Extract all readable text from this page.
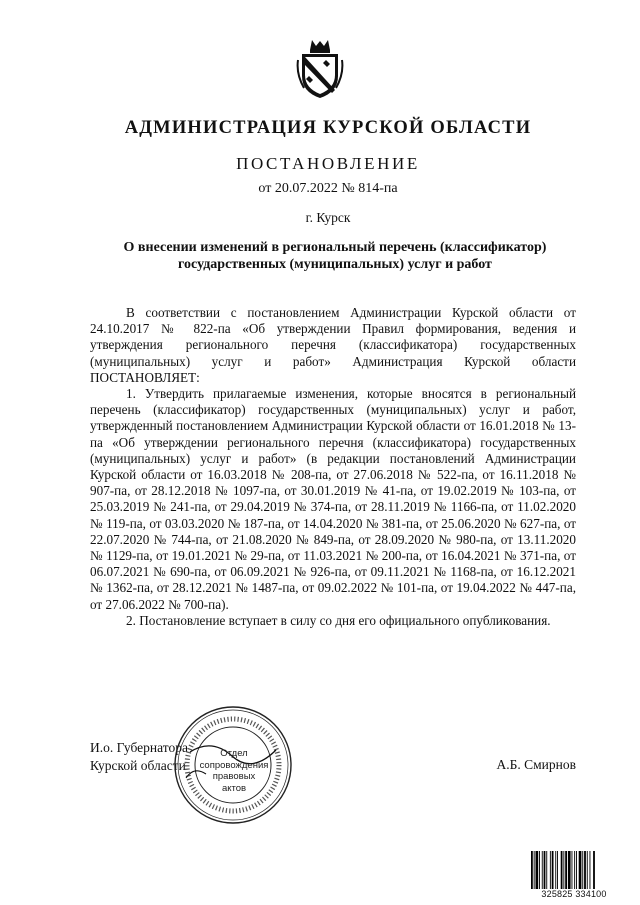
АДМИНИСТРАЦИЯ КУРСКОЙ ОБЛАСТИ
ПОСТАНОВЛЕНИЕ
от 20.07.2022 № 814-па
г. Курск
О внесении изменений в региональный перечень (классификатор)
государственных (муниципальных) услуг и работ

В соответствии с постановлением Администрации Курской области от 24.10.2017 № 822-па «Об утверждении Правил формирования, ведения и утверждения регионального перечня (классификатора) государственных (муниципальных) услуг и работ» Администрация Курской области ПОСТАНОВЛЯЕТ:

1. Утвердить прилагаемые изменения, которые вносятся в региональный перечень (классификатор) государственных (муниципальных) услуг и работ, утвержденный постановлением Администрации Курской области от 16.01.2018 № 13-па «Об утверждении регионального перечня (классификатора) государственных (муниципальных) услуг и работ» (в редакции постановлений Администрации Курской области от 16.03.2018 № 208-па, от 27.06.2018 № 522-па, от 16.11.2018 № 907-па, от 28.12.2018 № 1097-па, от 30.01.2019 № 41-па, от 19.02.2019 № 103-па, от 25.03.2019 № 241-па, от 29.04.2019 № 374-па, от 28.11.2019 № 1166-па, от 11.02.2020 № 119-па, от 03.03.2020 № 187-па, от 14.04.2020 № 381-па, от 25.06.2020 № 627-па, от 22.07.2020 № 744-па, от 21.08.2020 № 849-па, от 28.09.2020 № 980-па, от 13.11.2020 № 1129-па, от 19.01.2021 № 29-па, от 11.03.2021 № 200-па, от 16.04.2021 № 371-па, от 06.07.2021 № 690-па, от 06.09.2021 № 926-па, от 09.11.2021 № 1168-па, от 16.12.2021 № 1362-па, от 28.12.2021 № 1487-па, от 09.02.2022 № 101-па, от 19.04.2022 № 447-па, от 27.06.2022 № 700-па).

2. Постановление вступает в силу со дня его официального опубликования.

И.о. Губернатора
Курской области
Отдел
сопровождения
правовых
актов
А.Б. Смирнов
325825 334100
